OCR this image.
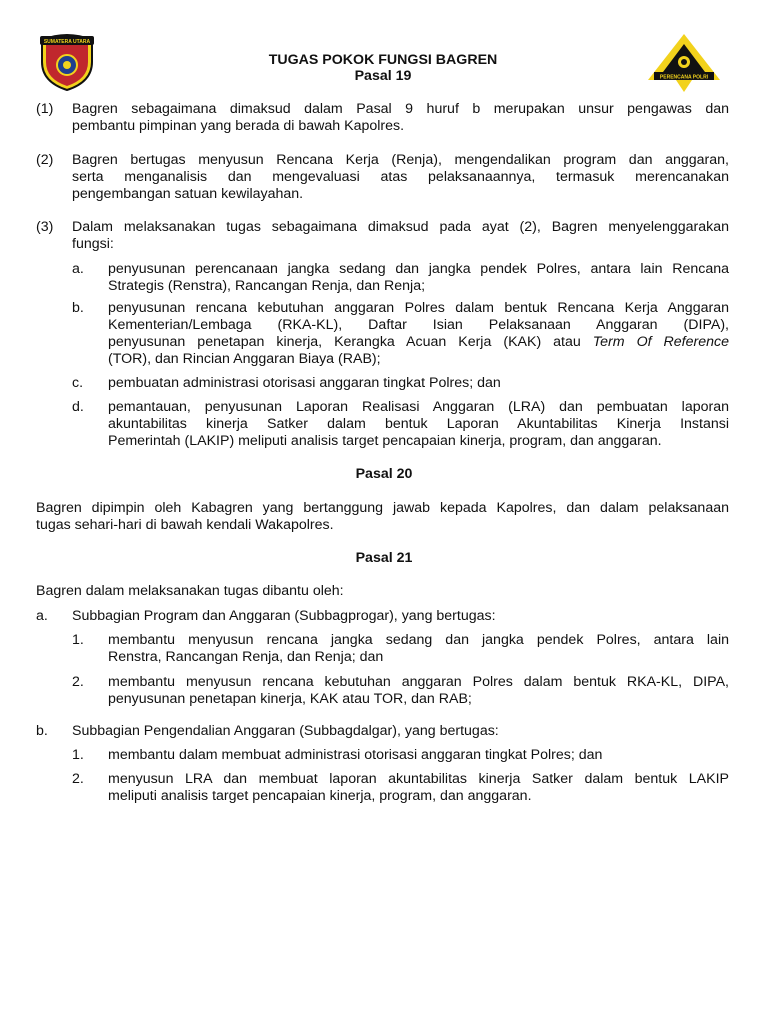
SUMATERA UTARA
PERENCANA POLRI
TUGAS POKOK FUNGSI BAGREN
Pasal 19
(1) Bagren sebagaimana dimaksud dalam Pasal 9 huruf b merupakan unsur pengawas dan
pembantu pimpinan yang berada di bawah Kapolres.
(2) Bagren bertugas menyusun Rencana Kerja (Renja), mengendalikan program dan anggaran,
serta menganalisis dan mengevaluasi atas pelaksanaannya, termasuk merencanakan
pengembangan satuan kewilayahan.
(3) Dalam melaksanakan tugas sebagaimana dimaksud pada ayat (2), Bagren menyelenggarakan
fungsi:
a. penyusunan perencanaan jangka sedang dan jangka pendek Polres, antara lain Rencana
Strategis (Renstra), Rancangan Renja, dan Renja;
b. penyusunan rencana kebutuhan anggaran Polres dalam bentuk Rencana Kerja Anggaran
Kementerian/Lembaga (RKA-KL), Daftar Isian Pelaksanaan Anggaran (DIPA),
penyusunan penetapan kinerja, Kerangka Acuan Kerja (KAK) atau Term Of Reference
(TOR), dan Rincian Anggaran Biaya (RAB);
c. pembuatan administrasi otorisasi anggaran tingkat Polres; dan
d. pemantauan, penyusunan Laporan Realisasi Anggaran (LRA) dan pembuatan laporan
akuntabilitas kinerja Satker dalam bentuk Laporan Akuntabilitas Kinerja Instansi
Pemerintah (LAKIP) meliputi analisis target pencapaian kinerja, program, dan anggaran.
Pasal 20
Bagren dipimpin oleh Kabagren yang bertanggung jawab kepada Kapolres, dan dalam pelaksanaan
tugas sehari-hari di bawah kendali Wakapolres.
Pasal 21
Bagren dalam melaksanakan tugas dibantu oleh:
a. Subbagian Program dan Anggaran (Subbagprogar), yang bertugas:
1. membantu menyusun rencana jangka sedang dan jangka pendek Polres, antara lain
Renstra, Rancangan Renja, dan Renja; dan
2. membantu menyusun rencana kebutuhan anggaran Polres dalam bentuk RKA-KL, DIPA,
penyusunan penetapan kinerja, KAK atau TOR, dan RAB;
b. Subbagian Pengendalian Anggaran (Subbagdalgar), yang bertugas:
1. membantu dalam membuat administrasi otorisasi anggaran tingkat Polres; dan
2. menyusun LRA dan membuat laporan akuntabilitas kinerja Satker dalam bentuk LAKIP
meliputi analisis target pencapaian kinerja, program, dan anggaran.
